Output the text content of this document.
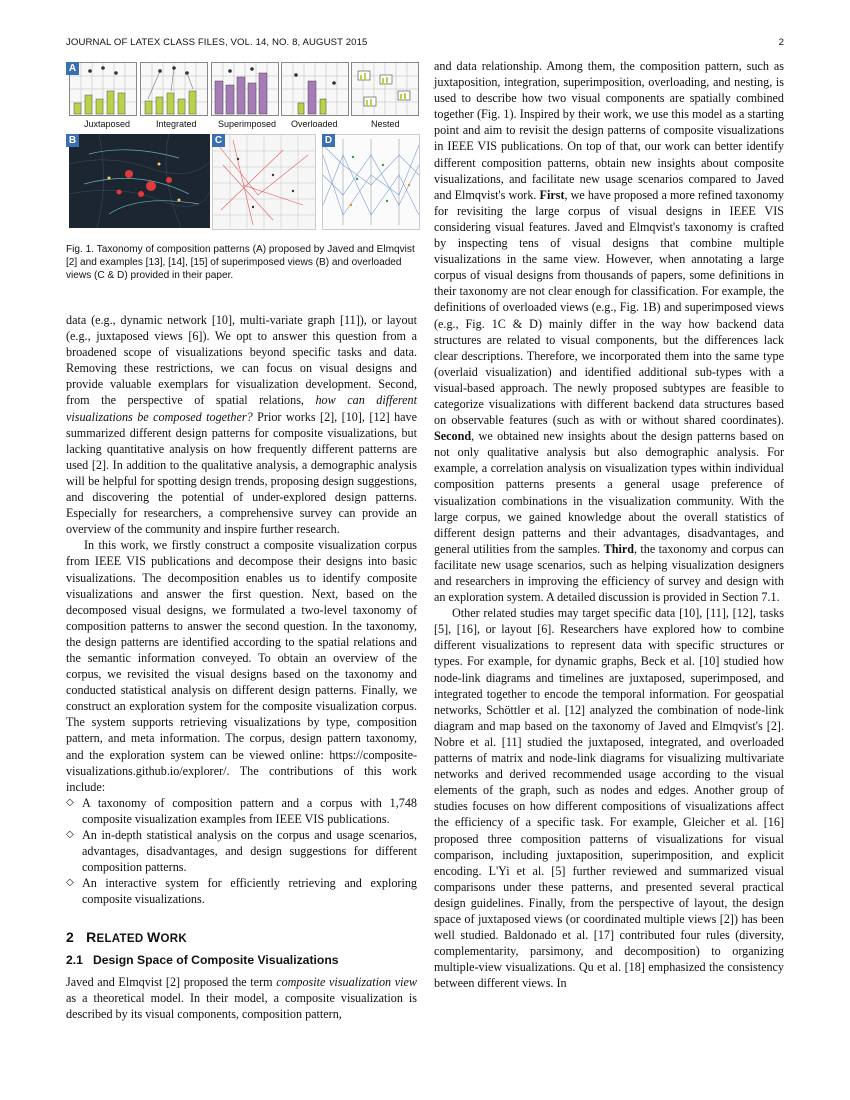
JOURNAL OF LATEX CLASS FILES, VOL. 14, NO. 8, AUGUST 2015	2
A
Juxtaposed	Integrated Superimposed Overloaded	Nested
B	C	D
Fig. 1. Taxonomy of composition patterns (A) proposed by Javed and Elmqvist [2] and examples [13], [14], [15] of superimposed views (B) and overloaded views (C & D) provided in their paper.

data (e.g., dynamic network [10], multi-variate graph [11]), or layout (e.g., juxtaposed views [6]). We opt to answer this question from a broadened scope of visualizations beyond specific tasks and data. Removing these restrictions, we can focus on visual designs and provide valuable exemplars for visualization development. Second, from the perspective of spatial relations, how can different visualizations be composed together? Prior works [2], [10], [12] have summarized different design patterns for composite visualizations, but lacking quantitative analysis on how frequently different patterns are used [2]. In addition to the qualitative analysis, a demographic analysis will be helpful for spotting design trends, proposing design suggestions, and discovering the potential of under-explored design patterns. Especially for researchers, a comprehensive survey can provide an overview of the community and inspire further research.

In this work, we firstly construct a composite visualization corpus from IEEE VIS publications and decompose their designs into basic visualizations. The decomposition enables us to identify composite visualizations and answer the first question. Next, based on the decomposed visual designs, we formulated a two-level taxonomy of composition patterns to answer the second question. In the taxonomy, the design patterns are identified according to the spatial relations and the semantic information conveyed. To obtain an overview of the corpus, we revisited the visual designs based on the taxonomy and conducted statistical analysis on different design patterns. Finally, we construct an exploration system for the composite visualization corpus. The system supports retrieving visualizations by type, composition pattern, and meta information. The corpus, design pattern taxonomy, and the exploration system can be viewed online: https://composite-visualizations.github.io/explorer/. The contributions of this work include:

◇ A taxonomy of composition pattern and a corpus with 1,748 composite visualization examples from IEEE VIS publications.
◇ An in-depth statistical analysis on the corpus and usage scenarios, advantages, disadvantages, and design suggestions for different composition patterns.
◇ An interactive system for efficiently retrieving and exploring composite visualizations.
2 RELATED WORK
2.1 Design Space of Composite Visualizations

Javed and Elmqvist [2] proposed the term composite visualization view as a theoretical model. In their model, a composite visualization is described by its visual components, composition pattern,

and data relationship. Among them, the composition pattern, such as juxtaposition, integration, superimposition, overloading, and nesting, is used to describe how two visual components are spatially combined together (Fig. 1). Inspired by their work, we use this model as a starting point and aim to revisit the design patterns of composite visualizations in IEEE VIS publications. On top of that, our work can better identify different composition patterns, obtain new insights about composite visualizations, and facilitate new usage scenarios compared to Javed and Elmqvist's work. First, we have proposed a more refined taxonomy for revisiting the large corpus of visual designs in IEEE VIS considering visual features. Javed and Elmqvist's taxonomy is crafted by inspecting tens of visual designs that combine multiple visualizations in the same view. However, when annotating a large corpus of visual designs from thousands of papers, some definitions in their taxonomy are not clear enough for classification. For example, the definitions of overloaded views (e.g., Fig. 1B) and superimposed views (e.g., Fig. 1C & D) mainly differ in the way how backend data structures are related to visual components, but the differences lack clear descriptions. Therefore, we incorporated them into the same type (overlaid visualization) and identified additional sub-types with a visual-based approach. The newly proposed subtypes are feasible to categorize visualizations with different backend data structures based on observable features (such as with or without shared coordinates). Second, we obtained new insights about the design patterns based on not only qualitative analysis but also demographic analysis. For example, a correlation analysis on visualization types within individual composition patterns presents a general usage preference of visualization combinations in the visualization community. With the large corpus, we gained knowledge about the overall statistics of different design patterns and their advantages, disadvantages, and general utilities from the samples. Third, the taxonomy and corpus can facilitate new usage scenarios, such as helping visualization designers and researchers in improving the efficiency of survey and design with an exploration system. A detailed discussion is provided in Section 7.1.

Other related studies may target specific data [10], [11], [12], tasks [5], [16], or layout [6]. Researchers have explored how to combine different visualizations to represent data with specific structures or types. For example, for dynamic graphs, Beck et al. [10] studied how node-link diagrams and timelines are juxtaposed, superimposed, and integrated together to encode the temporal information. For geospatial networks, Schöttler et al. [12] analyzed the combination of node-link diagram and map based on the taxonomy of Javed and Elmqvist's [2]. Nobre et al. [11] studied the juxtaposed, integrated, and overloaded patterns of matrix and node-link diagrams for visualizing multivariate networks and derived recommended usage according to the visual elements of the graph, such as nodes and edges. Another group of studies focuses on how different compositions of visualizations affect the efficiency of a specific task. For example, Gleicher et al. [16] proposed three composition patterns of visualizations for visual comparison, including juxtaposition, superimposition, and explicit encoding. L'Yi et al. [5] further reviewed and summarized visual comparisons under these patterns, and presented several practical design guidelines. Finally, from the perspective of layout, the design space of juxtaposed views (or coordinated multiple views [2]) has been well studied. Baldonado et al. [17] contributed four rules (diversity, complementarity, parsimony, and decomposition) to organizing multiple-view visualizations. Qu et al. [18] emphasized the consistency between different views. In
